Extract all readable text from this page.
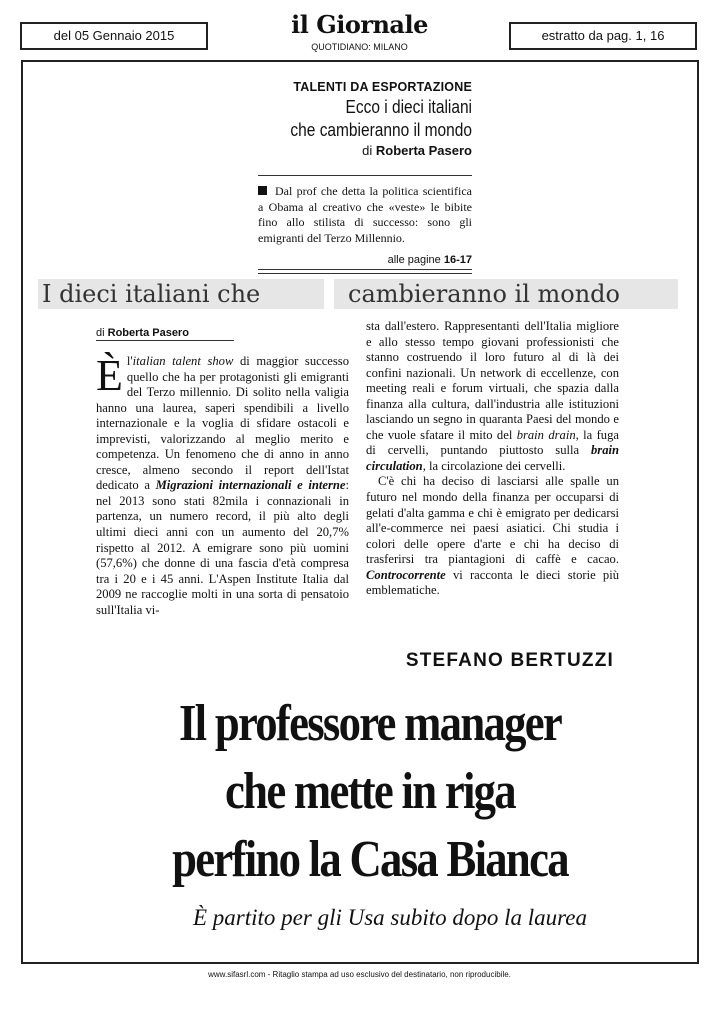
del 05 Gennaio 2015	il Giornale
QUOTIDIANO: MILANO
estratto da pag. 1, 16
TALENTI DA ESPORTAZIONE
Ecco i dieci italiani
che cambieranno il mondo
di Roberta Pasero
Dal prof che detta la politica scientifica a Obama al creativo che «veste» le bibite fino allo stilista di successo: sono gli emigranti del Terzo Millennio.
alle pagine 16-17
I dieci italiani che	cambieranno il mondo
di Roberta Pasero
Èl'italian talent show di maggior successo quello che ha per protagonisti gli emigranti del Terzo millennio. Di solito nella valigia hanno una laurea, saperi spendibili a livello internazionale e la voglia di sfidare ostacoli e imprevisti, valorizzando al meglio merito e competenza. Un fenomeno che di anno in anno cresce, almeno secondo il report dell'Istat dedicato a Migrazioni internazionali e interne: nel 2013 sono stati 82mila i connazionali in partenza, un numero record, il più alto degli ultimi dieci anni con un aumento del 20,7% rispetto al 2012. A emigrare sono più uomini (57,6%) che donne di una fascia d'età compresa tra i 20 e i 45 anni. L'Aspen Institute Italia dal 2009 ne raccoglie molti in una sorta di pensatoio sull'Italia vi-
sta dall'estero. Rappresentanti dell'Italia migliore e allo stesso tempo giovani professionisti che stanno costruendo il loro futuro al di là dei confini nazionali. Un network di eccellenze, con meeting reali e forum virtuali, che spazia dalla finanza alla cultura, dall'industria alle istituzioni lasciando un segno in quaranta Paesi del mondo e che vuole sfatare il mito del brain drain, la fuga di cervelli, puntando piuttosto sulla brain circulation, la circolazione dei cervelli.
C'è chi ha deciso di lasciarsi alle spalle un futuro nel mondo della finanza per occuparsi di gelati d'alta gamma e chi è emigrato per dedicarsi all'e-commerce nei paesi asiatici. Chi studia i colori delle opere d'arte e chi ha deciso di trasferirsi tra piantagioni di caffè e cacao. Controcorrente vi racconta le dieci storie più emblematiche.
STEFANO BERTUZZI
Il professore manager
che mette in riga
perfino la Casa Bianca
È partito per gli Usa subito dopo la laurea
www.sifasrl.com - Ritaglio stampa ad uso esclusivo del destinatario, non riproducibile.
